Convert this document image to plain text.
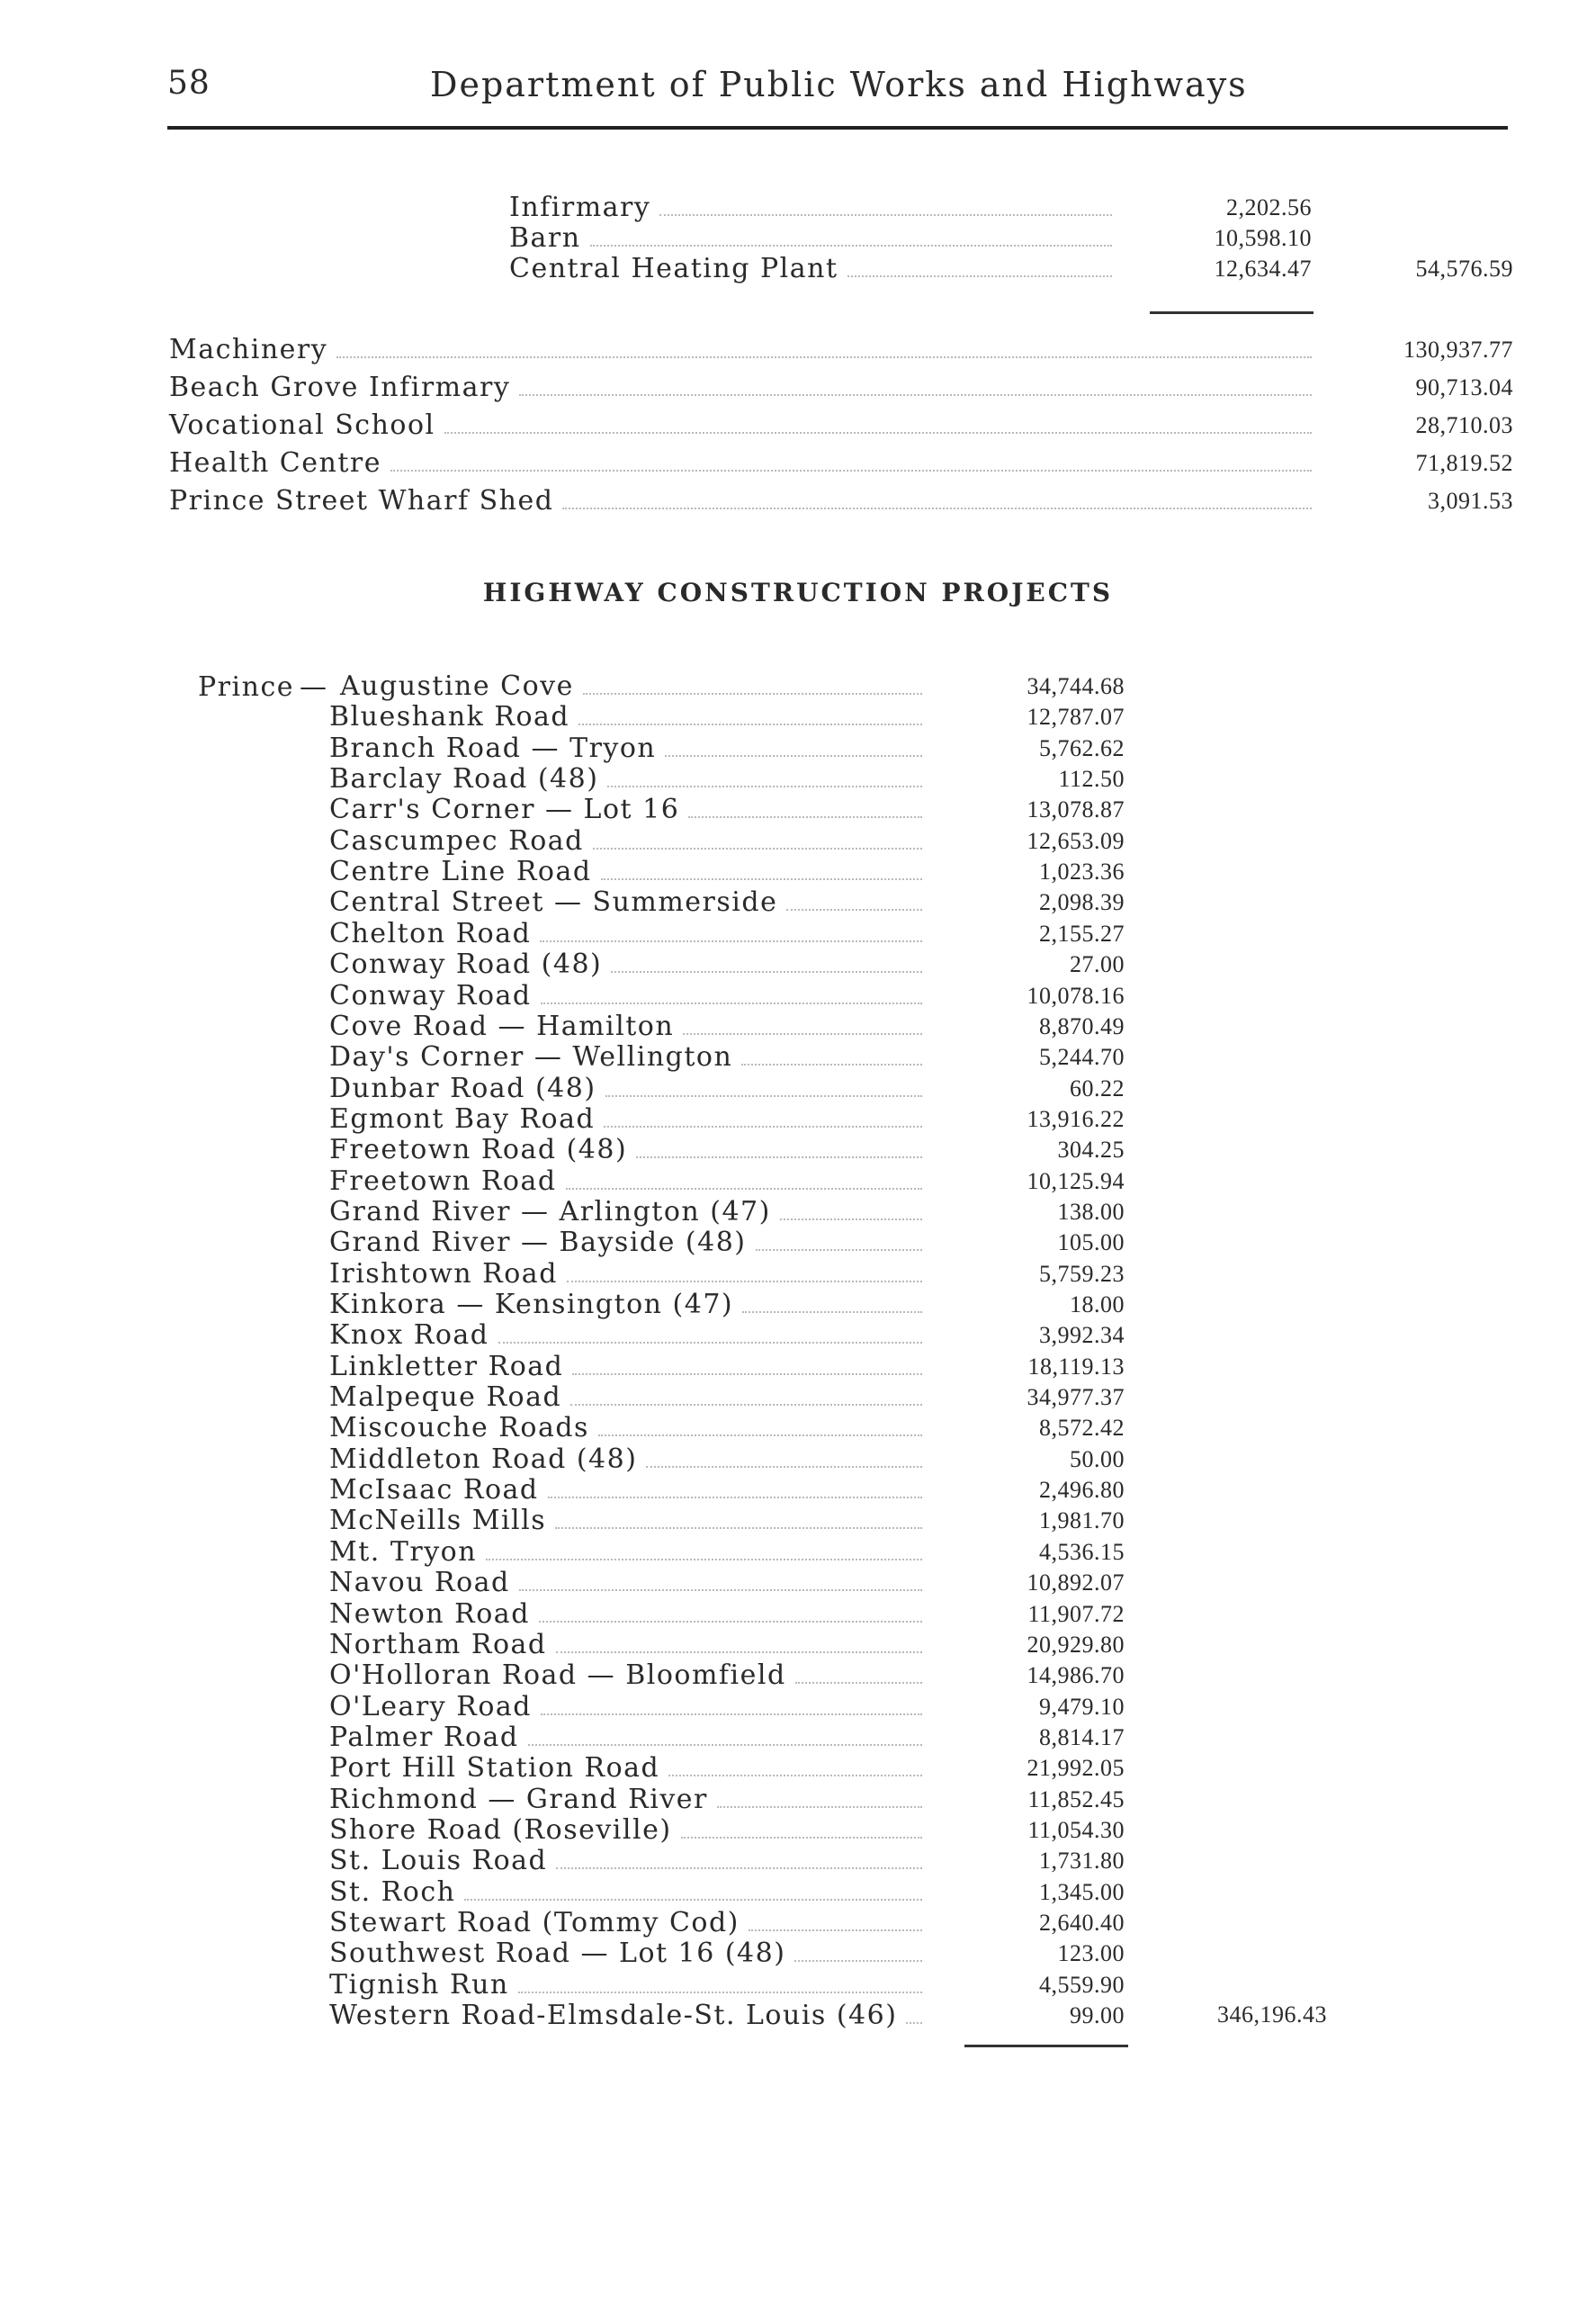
58	Department of Public Works and Highways
Infirmary	2,202.56
Barn	10,598.10
Central Heating Plant	12,634.47	54,576.59
Machinery	130,937.77
Beach Grove Infirmary	90,713.04
Vocational School	28,710.03
Health Centre	71,819.52
Prince Street Wharf Shed	3,091.53
HIGHWAY CONSTRUCTION PROJECTS
Prince — Augustine Cove	34,744.68
Blueshank Road	12,787.07
Branch Road — Tryon	5,762.62
Barclay Road (48)	112.50
Carr's Corner — Lot 16	13,078.87
Cascumpec Road	12,653.09
Centre Line Road	1,023.36
Central Street — Summerside	2,098.39
Chelton Road	2,155.27
Conway Road (48)	27.00
Conway Road	10,078.16
Cove Road — Hamilton	8,870.49
Day's Corner — Wellington	5,244.70
Dunbar Road (48)	60.22
Egmont Bay Road	13,916.22
Freetown Road (48)	304.25
Freetown Road	10,125.94
Grand River — Arlington (47)	138.00
Grand River — Bayside (48)	105.00
Irishtown Road	5,759.23
Kinkora — Kensington (47)	18.00
Knox Road	3,992.34
Linkletter Road	18,119.13
Malpeque Road	34,977.37
Miscouche Roads	8,572.42
Middleton Road (48)	50.00
McIsaac Road	2,496.80
McNeills Mills	1,981.70
Mt. Tryon	4,536.15
Navou Road	10,892.07
Newton Road	11,907.72
Northam Road	20,929.80
O'Holloran Road — Bloomfield	14,986.70
O'Leary Road	9,479.10
Palmer Road	8,814.17
Port Hill Station Road	21,992.05
Richmond — Grand River	11,852.45
Shore Road (Roseville)	11,054.30
St. Louis Road	1,731.80
St. Roch	1,345.00
Stewart Road (Tommy Cod)	2,640.40
Southwest Road — Lot 16 (48)	123.00
Tignish Run	4,559.90
Western Road-Elmsdale-St. Louis (46)	99.00	346,196.43
